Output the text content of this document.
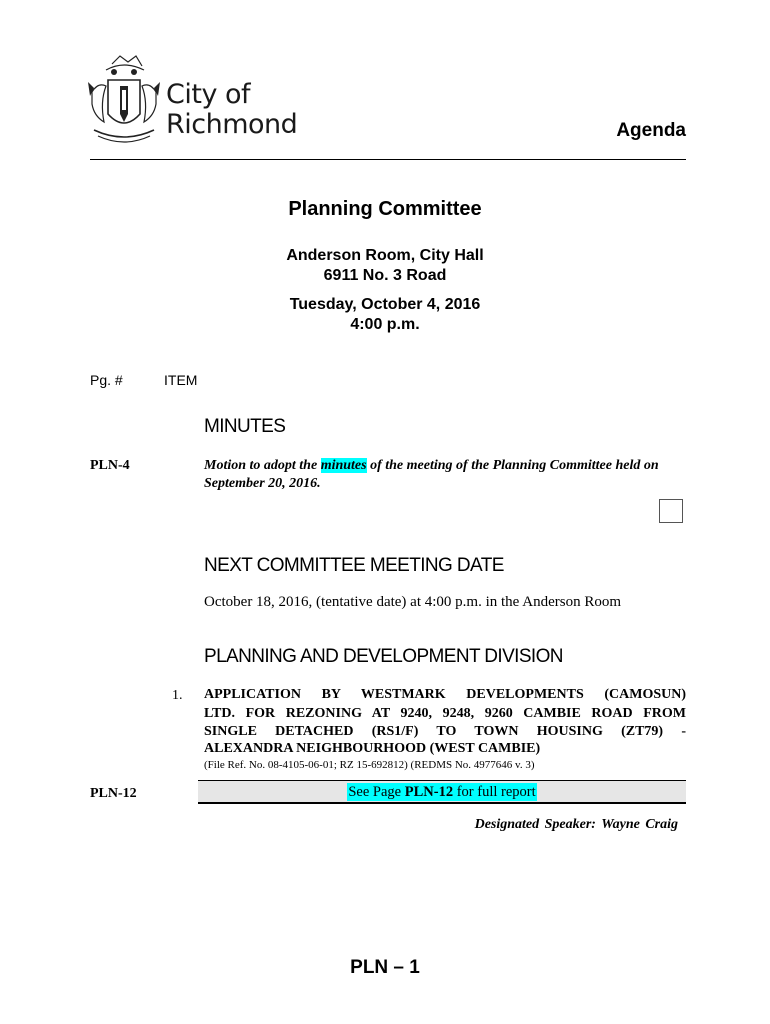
City of
Richmond	Agenda
Planning Committee
Anderson Room, City Hall
6911 No. 3 Road
Tuesday, October 4, 2016
4:00 p.m.
Pg. #	ITEM
MINUTES
PLN-4	Motion to adopt the minutes of the meeting of the Planning Committee held on September 20, 2016.
NEXT COMMITTEE MEETING DATE
October 18, 2016, (tentative date) at 4:00 p.m. in the Anderson Room
PLANNING AND DEVELOPMENT DIVISION
1. APPLICATION BY WESTMARK DEVELOPMENTS (CAMOSUN)
LTD. FOR REZONING AT 9240, 9248, 9260 CAMBIE ROAD FROM
SINGLE DETACHED (RS1/F) TO TOWN HOUSING (ZT79) -
ALEXANDRA NEIGHBOURHOOD (WEST CAMBIE)
(File Ref. No. 08-4105-06-01; RZ 15-692812) (REDMS No. 4977646 v. 3)
PLN-12	See Page PLN-12 for full report
Designated Speaker: Wayne Craig
PLN – 1
